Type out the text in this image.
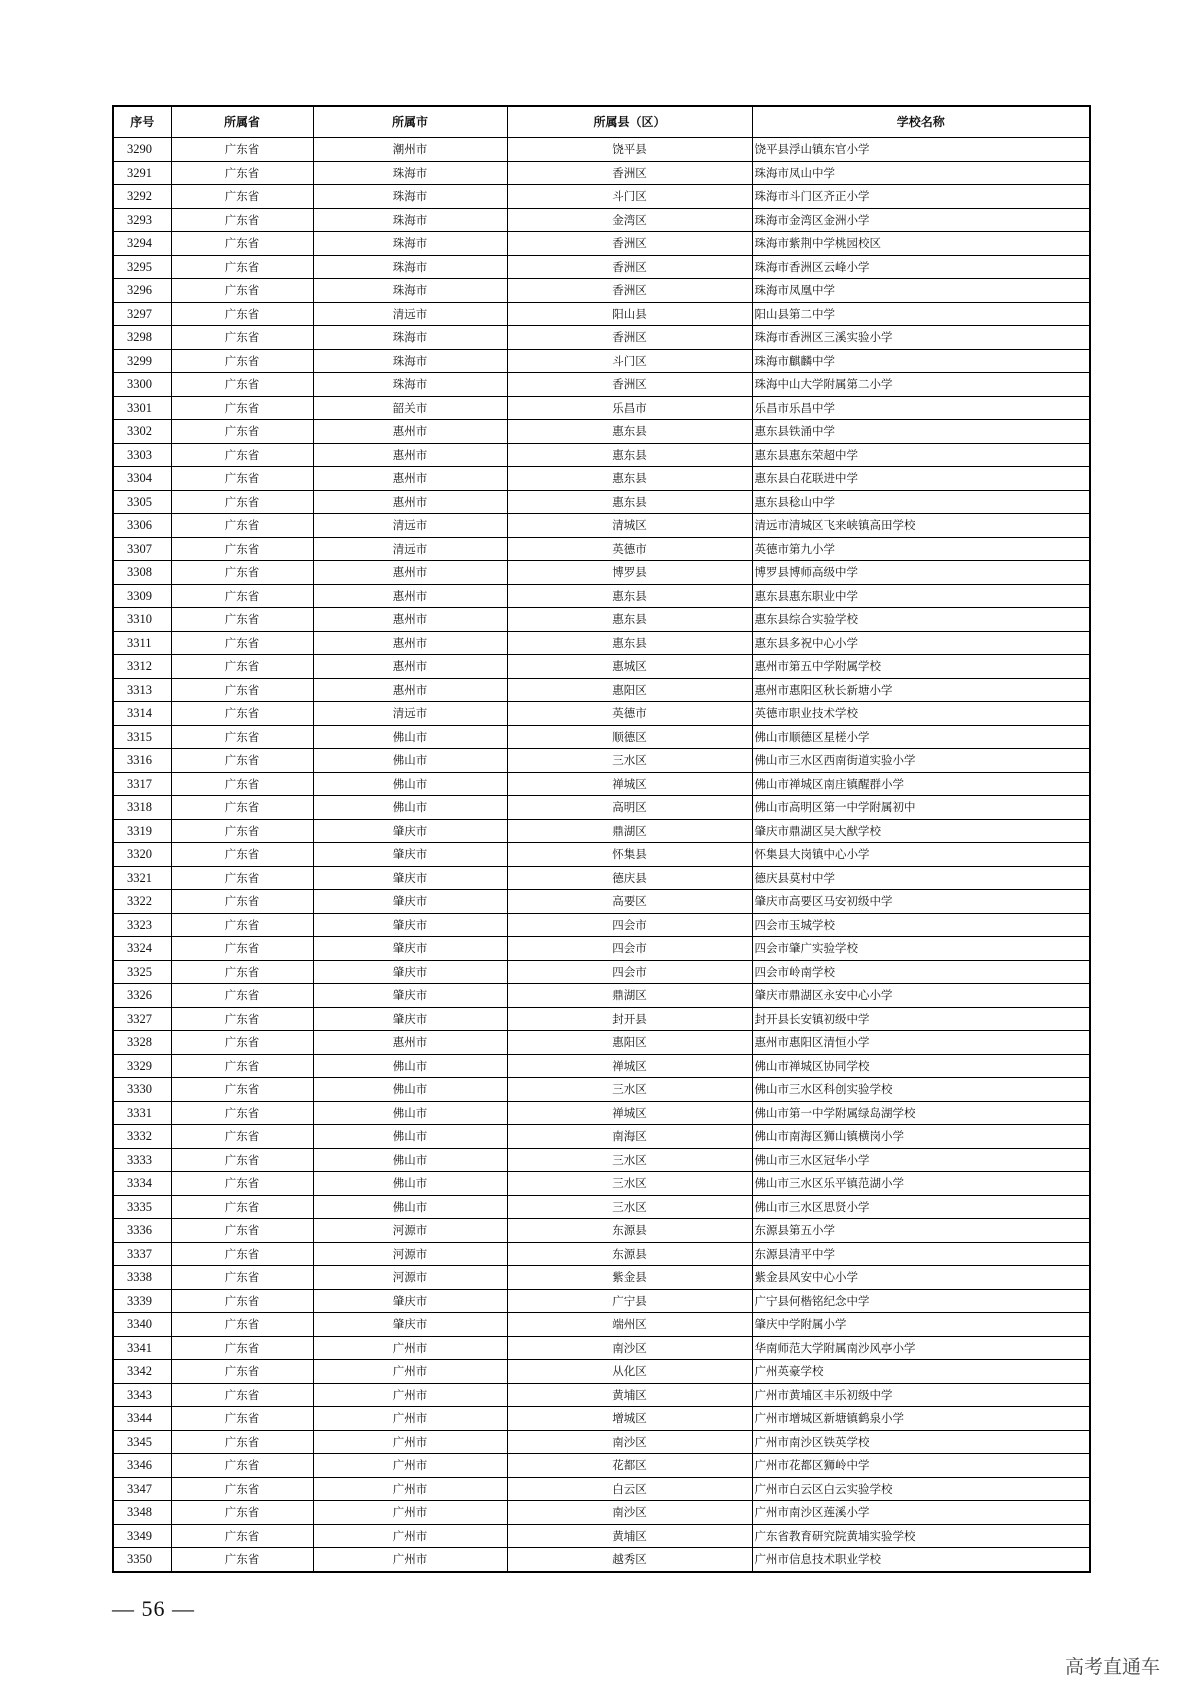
序号	所属省	所属市	所属县（区）	学校名称
3290	广东省	潮州市	饶平县	饶平县浮山镇东官小学
3291	广东省	珠海市	香洲区	珠海市凤山中学
3292	广东省	珠海市	斗门区	珠海市斗门区齐正小学
3293	广东省	珠海市	金湾区	珠海市金湾区金洲小学
3294	广东省	珠海市	香洲区	珠海市紫荆中学桃园校区
3295	广东省	珠海市	香洲区	珠海市香洲区云峰小学
3296	广东省	珠海市	香洲区	珠海市凤凰中学
3297	广东省	清远市	阳山县	阳山县第二中学
3298	广东省	珠海市	香洲区	珠海市香洲区三溪实验小学
3299	广东省	珠海市	斗门区	珠海市麒麟中学
3300	广东省	珠海市	香洲区	珠海中山大学附属第二小学
3301	广东省	韶关市	乐昌市	乐昌市乐昌中学
3302	广东省	惠州市	惠东县	惠东县铁涌中学
3303	广东省	惠州市	惠东县	惠东县惠东荣超中学
3304	广东省	惠州市	惠东县	惠东县白花联进中学
3305	广东省	惠州市	惠东县	惠东县稔山中学
3306	广东省	清远市	清城区	清远市清城区飞来峡镇高田学校
3307	广东省	清远市	英德市	英德市第九小学
3308	广东省	惠州市	博罗县	博罗县博师高级中学
3309	广东省	惠州市	惠东县	惠东县惠东职业中学
3310	广东省	惠州市	惠东县	惠东县综合实验学校
3311	广东省	惠州市	惠东县	惠东县多祝中心小学
3312	广东省	惠州市	惠城区	惠州市第五中学附属学校
3313	广东省	惠州市	惠阳区	惠州市惠阳区秋长新塘小学
3314	广东省	清远市	英德市	英德市职业技术学校
3315	广东省	佛山市	顺德区	佛山市顺德区星槎小学
3316	广东省	佛山市	三水区	佛山市三水区西南街道实验小学
3317	广东省	佛山市	禅城区	佛山市禅城区南庄镇醒群小学
3318	广东省	佛山市	高明区	佛山市高明区第一中学附属初中
3319	广东省	肇庆市	鼎湖区	肇庆市鼎湖区吴大猷学校
3320	广东省	肇庆市	怀集县	怀集县大岗镇中心小学
3321	广东省	肇庆市	德庆县	德庆县莫村中学
3322	广东省	肇庆市	高要区	肇庆市高要区马安初级中学
3323	广东省	肇庆市	四会市	四会市玉城学校
3324	广东省	肇庆市	四会市	四会市肇广实验学校
3325	广东省	肇庆市	四会市	四会市岭南学校
3326	广东省	肇庆市	鼎湖区	肇庆市鼎湖区永安中心小学
3327	广东省	肇庆市	封开县	封开县长安镇初级中学
3328	广东省	惠州市	惠阳区	惠州市惠阳区清恒小学
3329	广东省	佛山市	禅城区	佛山市禅城区协同学校
3330	广东省	佛山市	三水区	佛山市三水区科创实验学校
3331	广东省	佛山市	禅城区	佛山市第一中学附属绿岛湖学校
3332	广东省	佛山市	南海区	佛山市南海区狮山镇横岗小学
3333	广东省	佛山市	三水区	佛山市三水区冠华小学
3334	广东省	佛山市	三水区	佛山市三水区乐平镇范湖小学
3335	广东省	佛山市	三水区	佛山市三水区思贤小学
3336	广东省	河源市	东源县	东源县第五小学
3337	广东省	河源市	东源县	东源县清平中学
3338	广东省	河源市	紫金县	紫金县风安中心小学
3339	广东省	肇庆市	广宁县	广宁县何楷铭纪念中学
3340	广东省	肇庆市	端州区	肇庆中学附属小学
3341	广东省	广州市	南沙区	华南师范大学附属南沙风亭小学
3342	广东省	广州市	从化区	广州英豪学校
3343	广东省	广州市	黄埔区	广州市黄埔区丰乐初级中学
3344	广东省	广州市	增城区	广州市增城区新塘镇鹤泉小学
3345	广东省	广州市	南沙区	广州市南沙区铁英学校
3346	广东省	广州市	花都区	广州市花都区狮岭中学
3347	广东省	广州市	白云区	广州市白云区白云实验学校
3348	广东省	广州市	南沙区	广州市南沙区莲溪小学
3349	广东省	广州市	黄埔区	广东省教育研究院黄埔实验学校
3350	广东省	广州市	越秀区	广州市信息技术职业学校
— 56 —
高考直通车
